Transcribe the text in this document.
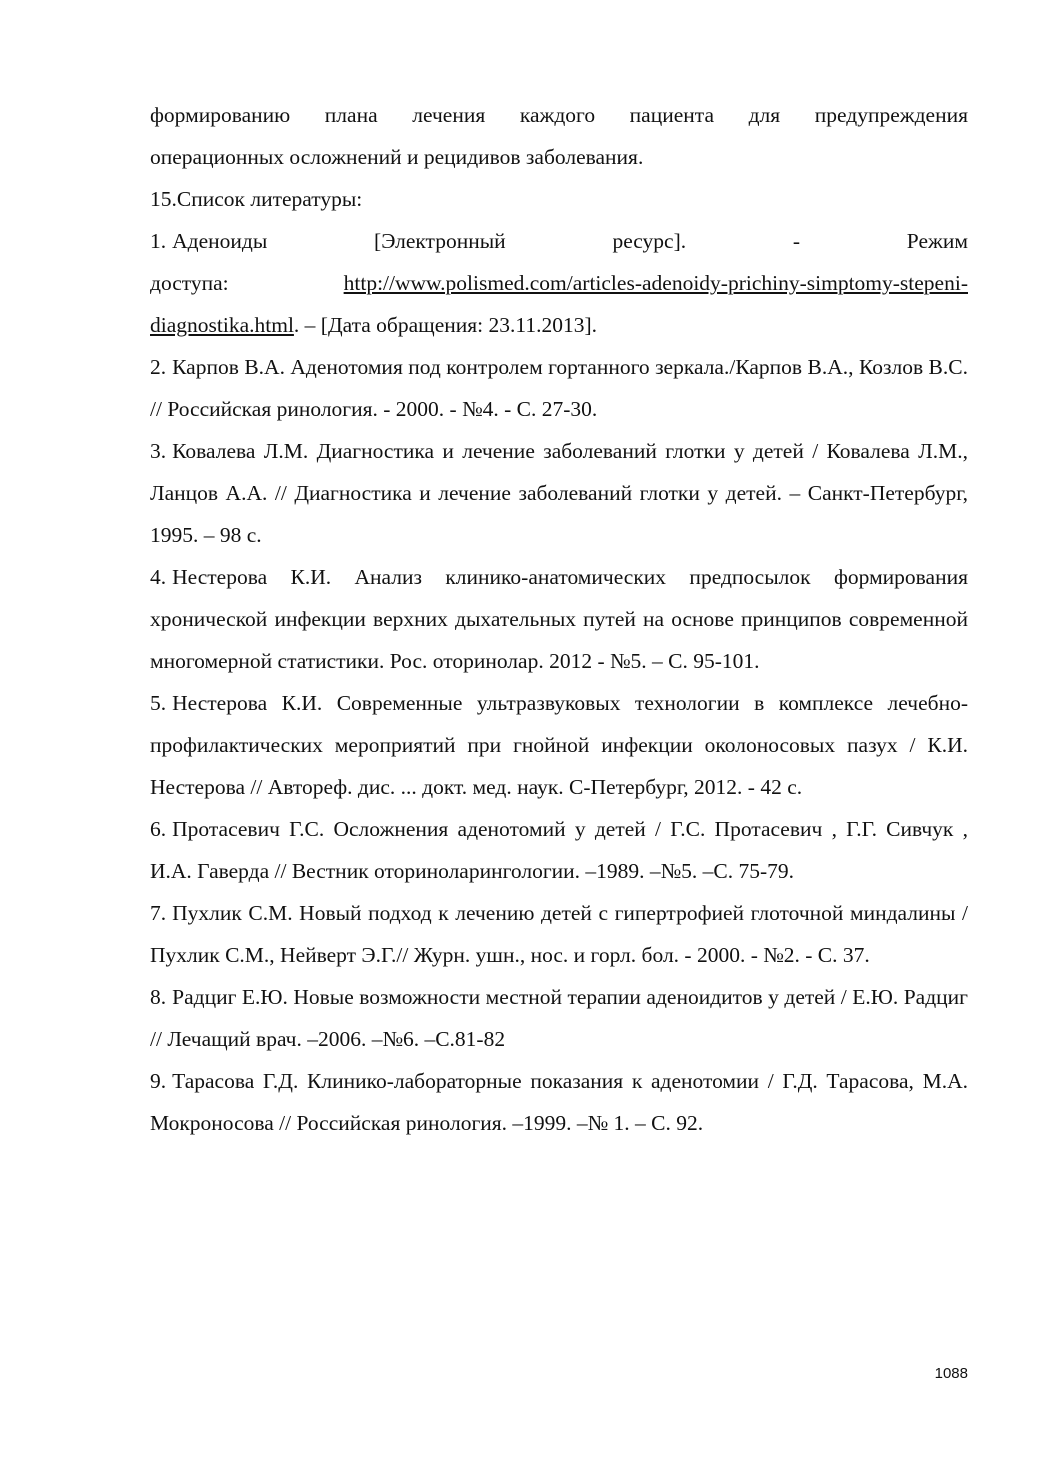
формированию плана лечения каждого пациента для предупреждения

операционных осложнений и рецидивов заболевания.

15.Список литературы:

1. Аденоиды [Электронный ресурс]. - Режим
доступа: http://www.polismed.com/articles-adenoidy-prichiny-simptomy-stepeni-diagnostika.html. – [Дата обращения: 23.11.2013].
2. Карпов В.А. Аденотомия под контролем гортанного зеркала./Карпов В.А., Козлов В.С. // Российская ринология. - 2000. - №4. - С. 27-30.
3. Ковалева Л.М. Диагностика и лечение заболеваний глотки у детей / Ковалева Л.М., Ланцов А.А. // Диагностика и лечение заболеваний глотки у детей. – Санкт-Петербург, 1995. – 98 с.
4. Нестерова К.И. Анализ клинико-анатомических предпосылок формирования хронической инфекции верхних дыхательных путей на основе принципов современной многомерной статистики. Рос. оторинолар. 2012 - №5. – С. 95-101.
5. Нестерова К.И. Современные ультразвуковых технологии в комплексе лечебно-профилактических мероприятий при гнойной инфекции околоносовых пазух / К.И. Нестерова // Автореф. дис. ... докт. мед. наук. С-Петербург, 2012. - 42 с.
6. Протасевич Г.С. Осложнения аденотомий у детей / Г.С. Протасевич , Г.Г. Сивчук , И.А. Гаверда // Вестник оториноларингологии. –1989. –№5. –С. 75-79.
7. Пухлик С.М. Новый подход к лечению детей с гипертрофией глоточной миндалины / Пухлик С.М., Нейверт Э.Г.// Журн. ушн., нос. и горл. бол. - 2000. - №2. - С. 37.
8. Радциг Е.Ю. Новые возможности местной терапии аденоидитов у детей / Е.Ю. Радциг // Лечащий врач. –2006. –№6. –С.81-82
9. Тарасова Г.Д. Клинико-лабораторные показания к аденотомии / Г.Д. Тарасова, М.А. Мокроносова // Российская ринология. –1999. –№ 1. – С. 92.
1088
